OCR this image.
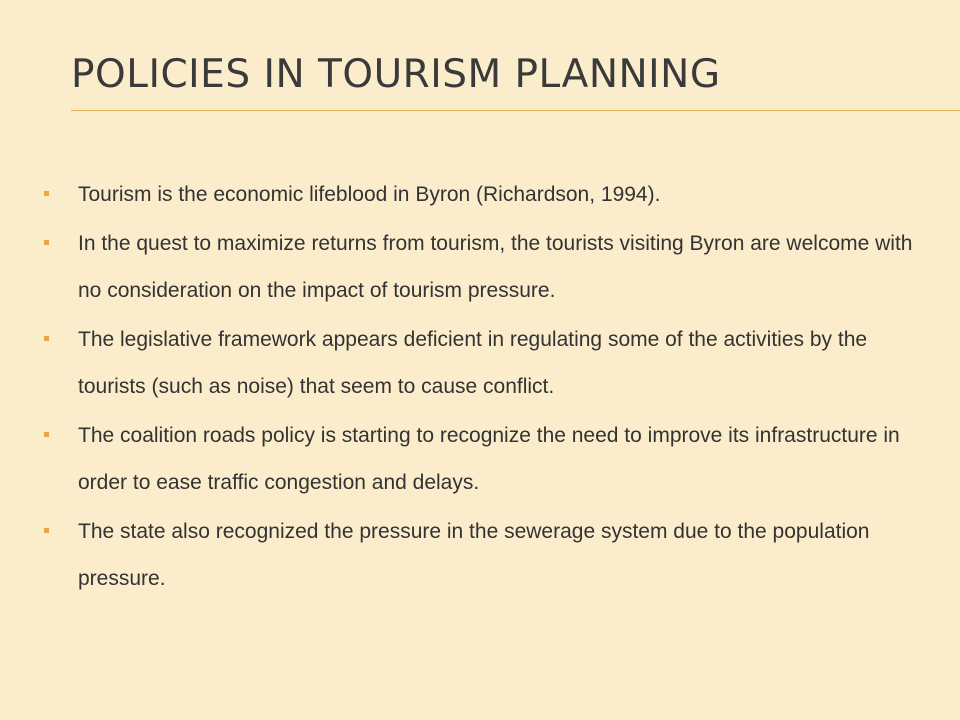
POLICIES IN TOURISM PLANNING
Tourism is the economic lifeblood in Byron (Richardson, 1994).
In the quest to maximize returns from tourism, the tourists visiting Byron are welcome with no consideration on the impact of tourism pressure.
The legislative framework appears deficient in regulating some of the activities by the tourists (such as noise) that seem to cause conflict.
The coalition roads policy is starting to recognize the need to improve its infrastructure in order to ease traffic congestion and delays.
The state also recognized the pressure in the sewerage system due to the population pressure.
